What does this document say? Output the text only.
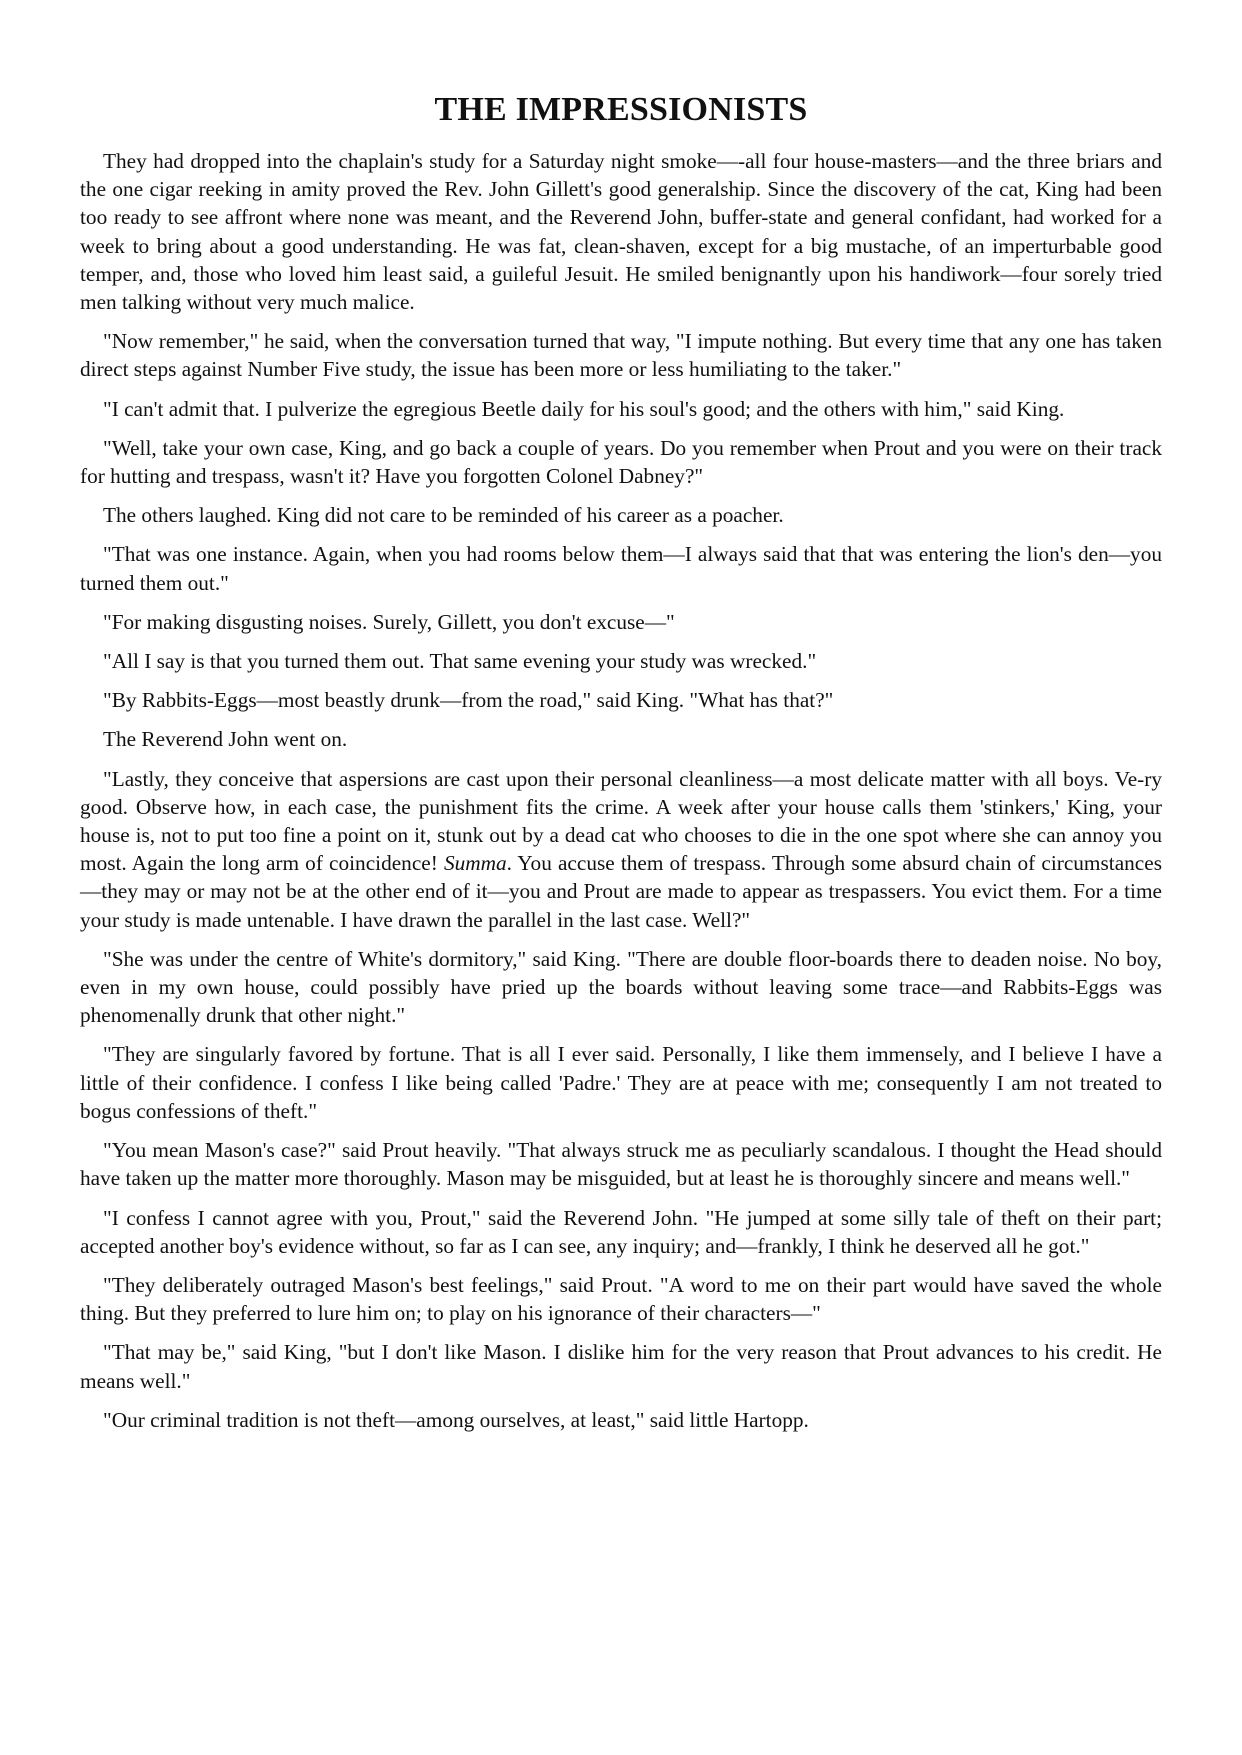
THE IMPRESSIONISTS

They had dropped into the chaplain's study for a Saturday night smoke—-all four house-masters—and the three briars and the one cigar reeking in amity proved the Rev. John Gillett's good generalship. Since the discovery of the cat, King had been too ready to see affront where none was meant, and the Reverend John, buffer-state and general confidant, had worked for a week to bring about a good understanding. He was fat, clean-shaven, except for a big mustache, of an imperturbable good temper, and, those who loved him least said, a guileful Jesuit. He smiled benignantly upon his handiwork—four sorely tried men talking without very much malice.

"Now remember," he said, when the conversation turned that way, "I impute nothing. But every time that any one has taken direct steps against Number Five study, the issue has been more or less humiliating to the taker."

"I can't admit that. I pulverize the egregious Beetle daily for his soul's good; and the others with him," said King.

"Well, take your own case, King, and go back a couple of years. Do you remember when Prout and you were on their track for hutting and trespass, wasn't it? Have you forgotten Colonel Dabney?"

The others laughed. King did not care to be reminded of his career as a poacher.

"That was one instance. Again, when you had rooms below them—I always said that that was entering the lion's den—you turned them out."

"For making disgusting noises. Surely, Gillett, you don't excuse—"

"All I say is that you turned them out. That same evening your study was wrecked."

"By Rabbits-Eggs—most beastly drunk—from the road," said King. "What has that?"

The Reverend John went on.

"Lastly, they conceive that aspersions are cast upon their personal cleanliness—a most delicate matter with all boys. Ve-ry good. Observe how, in each case, the punishment fits the crime. A week after your house calls them 'stinkers,' King, your house is, not to put too fine a point on it, stunk out by a dead cat who chooses to die in the one spot where she can annoy you most. Again the long arm of coincidence! Summa. You accuse them of trespass. Through some absurd chain of circumstances—they may or may not be at the other end of it—you and Prout are made to appear as trespassers. You evict them. For a time your study is made untenable. I have drawn the parallel in the last case. Well?"

"She was under the centre of White's dormitory," said King. "There are double floor-boards there to deaden noise. No boy, even in my own house, could possibly have pried up the boards without leaving some trace—and Rabbits-Eggs was phenomenally drunk that other night."

"They are singularly favored by fortune. That is all I ever said. Personally, I like them immensely, and I believe I have a little of their confidence. I confess I like being called 'Padre.' They are at peace with me; consequently I am not treated to bogus confessions of theft."

"You mean Mason's case?" said Prout heavily. "That always struck me as peculiarly scandalous. I thought the Head should have taken up the matter more thoroughly. Mason may be misguided, but at least he is thoroughly sincere and means well."

"I confess I cannot agree with you, Prout," said the Reverend John. "He jumped at some silly tale of theft on their part; accepted another boy's evidence without, so far as I can see, any inquiry; and—frankly, I think he deserved all he got."

"They deliberately outraged Mason's best feelings," said Prout. "A word to me on their part would have saved the whole thing. But they preferred to lure him on; to play on his ignorance of their characters—"

"That may be," said King, "but I don't like Mason. I dislike him for the very reason that Prout advances to his credit. He means well."

"Our criminal tradition is not theft—among ourselves, at least," said little Hartopp.
